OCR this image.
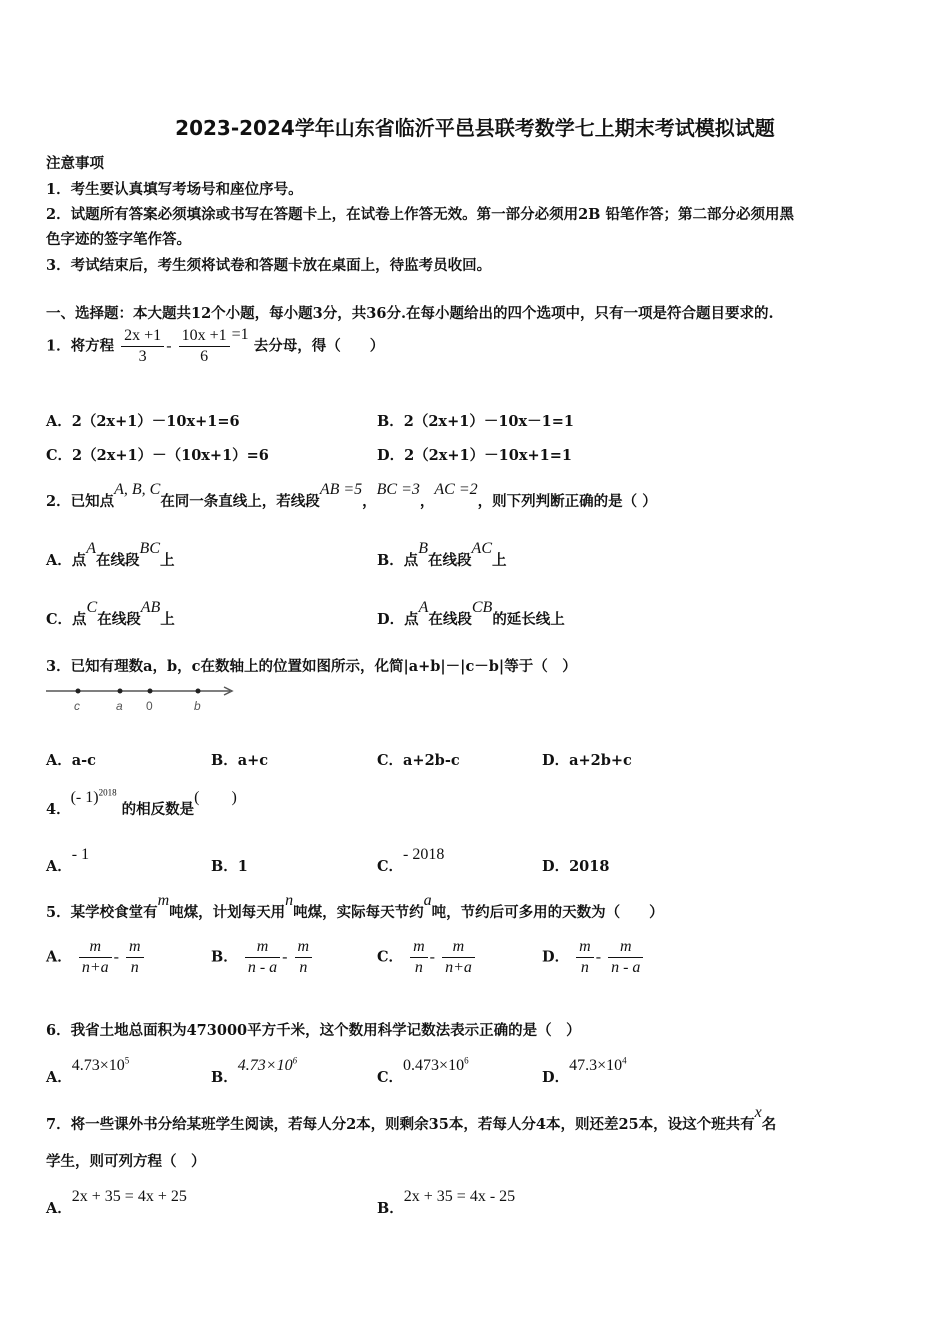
2023-2024学年山东省临沂平邑县联考数学七上期末考试模拟试题
注意事项
1．考生要认真填写考场号和座位序号。
2．试题所有答案必须填涂或书写在答题卡上，在试卷上作答无效。第一部分必须用2B 铅笔作答；第二部分必须用黑
色字迹的签字笔作答。
3．考试结束后，考生须将试卷和答题卡放在桌面上，待监考员收回。
一、选择题：本大题共12个小题，每小题3分，共36分.在每小题给出的四个选项中，只有一项是符合题目要求的.
1．将方程 $\frac{2x +1}{3} - \frac{10x +1}{6} =1$ 去分母，得（　　）
A．2（2x+1）－10x+1=6	B．2（2x+1）－10x－1=1
C．2（2x+1）－（10x+1）=6	D．2（2x+1）－10x+1=1
2．已知点A, B, C在同一条直线上，若线段AB =5，BC =3，AC =2，则下列判断正确的是（ ）
A．点A在线段BC上	B．点B在线段AC上
C．点C在线段AB上	D．点A在线段CB的延长线上
3．已知有理数a，b，c在数轴上的位置如图所示，化简|a+b|－|c－b|等于（　）
c	a 0	b
A．a-c	B．a+c	C．a+2b-c	D．a+2b+c
4．(- 1)$^{2018}$ 的相反数是(　　)
A．- 1
B．1	C．- 2018
D．2018
5．某学校食堂有m吨煤，计划每天用n吨煤，实际每天节约a吨，节约后可多用的天数为（　　）
A． $\frac{m}{n+a} - \frac{m}{n}$	B． $\frac{m}{n - a} - \frac{m}{n}$	C． $\frac{m}{n} - \frac{m}{n+a}$	D． $\frac{m}{n} - \frac{m}{n - a}$
6．我省土地总面积为473000平方千米，这个数用科学记数法表示正确的是（　）
A．$4.73\times 10^5$
B．$4.73\times 10^6$
C．$0.473\times 10^6$
D．$47.3\times 10^4$
7．将一些课外书分给某班学生阅读，若每人分2本，则剩余35本，若每人分4本，则还差25本，设这个班共有x名
学生，则可列方程（　）
A．2x + 35 = 4x + 25
B．2x + 35 = 4x - 25
